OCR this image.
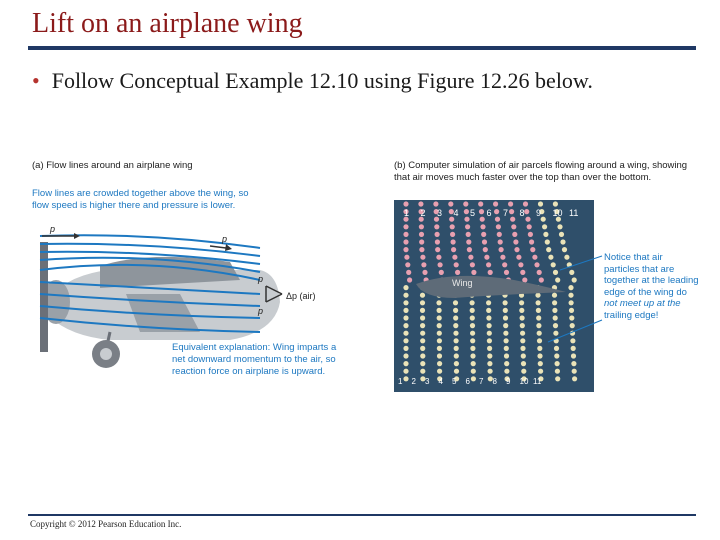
Lift on an airplane wing
• Follow Conceptual Example 12.10 using Figure 12.26 below.
(a) Flow lines around an airplane wing
Flow lines are crowded together above the wing, so
flow speed is higher there and pressure is lower.
p
p
p
p
Δp (air)
Equivalent explanation: Wing imparts a
net downward momentum to the air, so
reaction force on airplane is upward.
(b) Computer simulation of air parcels flowing around a wing, showing
that air moves much faster over the top than over the bottom.
Wing
1 2 3 4 5 6 7 8 9 10 11
1 2 3 4 5 6 7 8 9 10 11
Notice that air
particles that are
together at the leading
edge of the wing do
not meet up at the
trailing edge!
Copyright © 2012 Pearson Education Inc.
